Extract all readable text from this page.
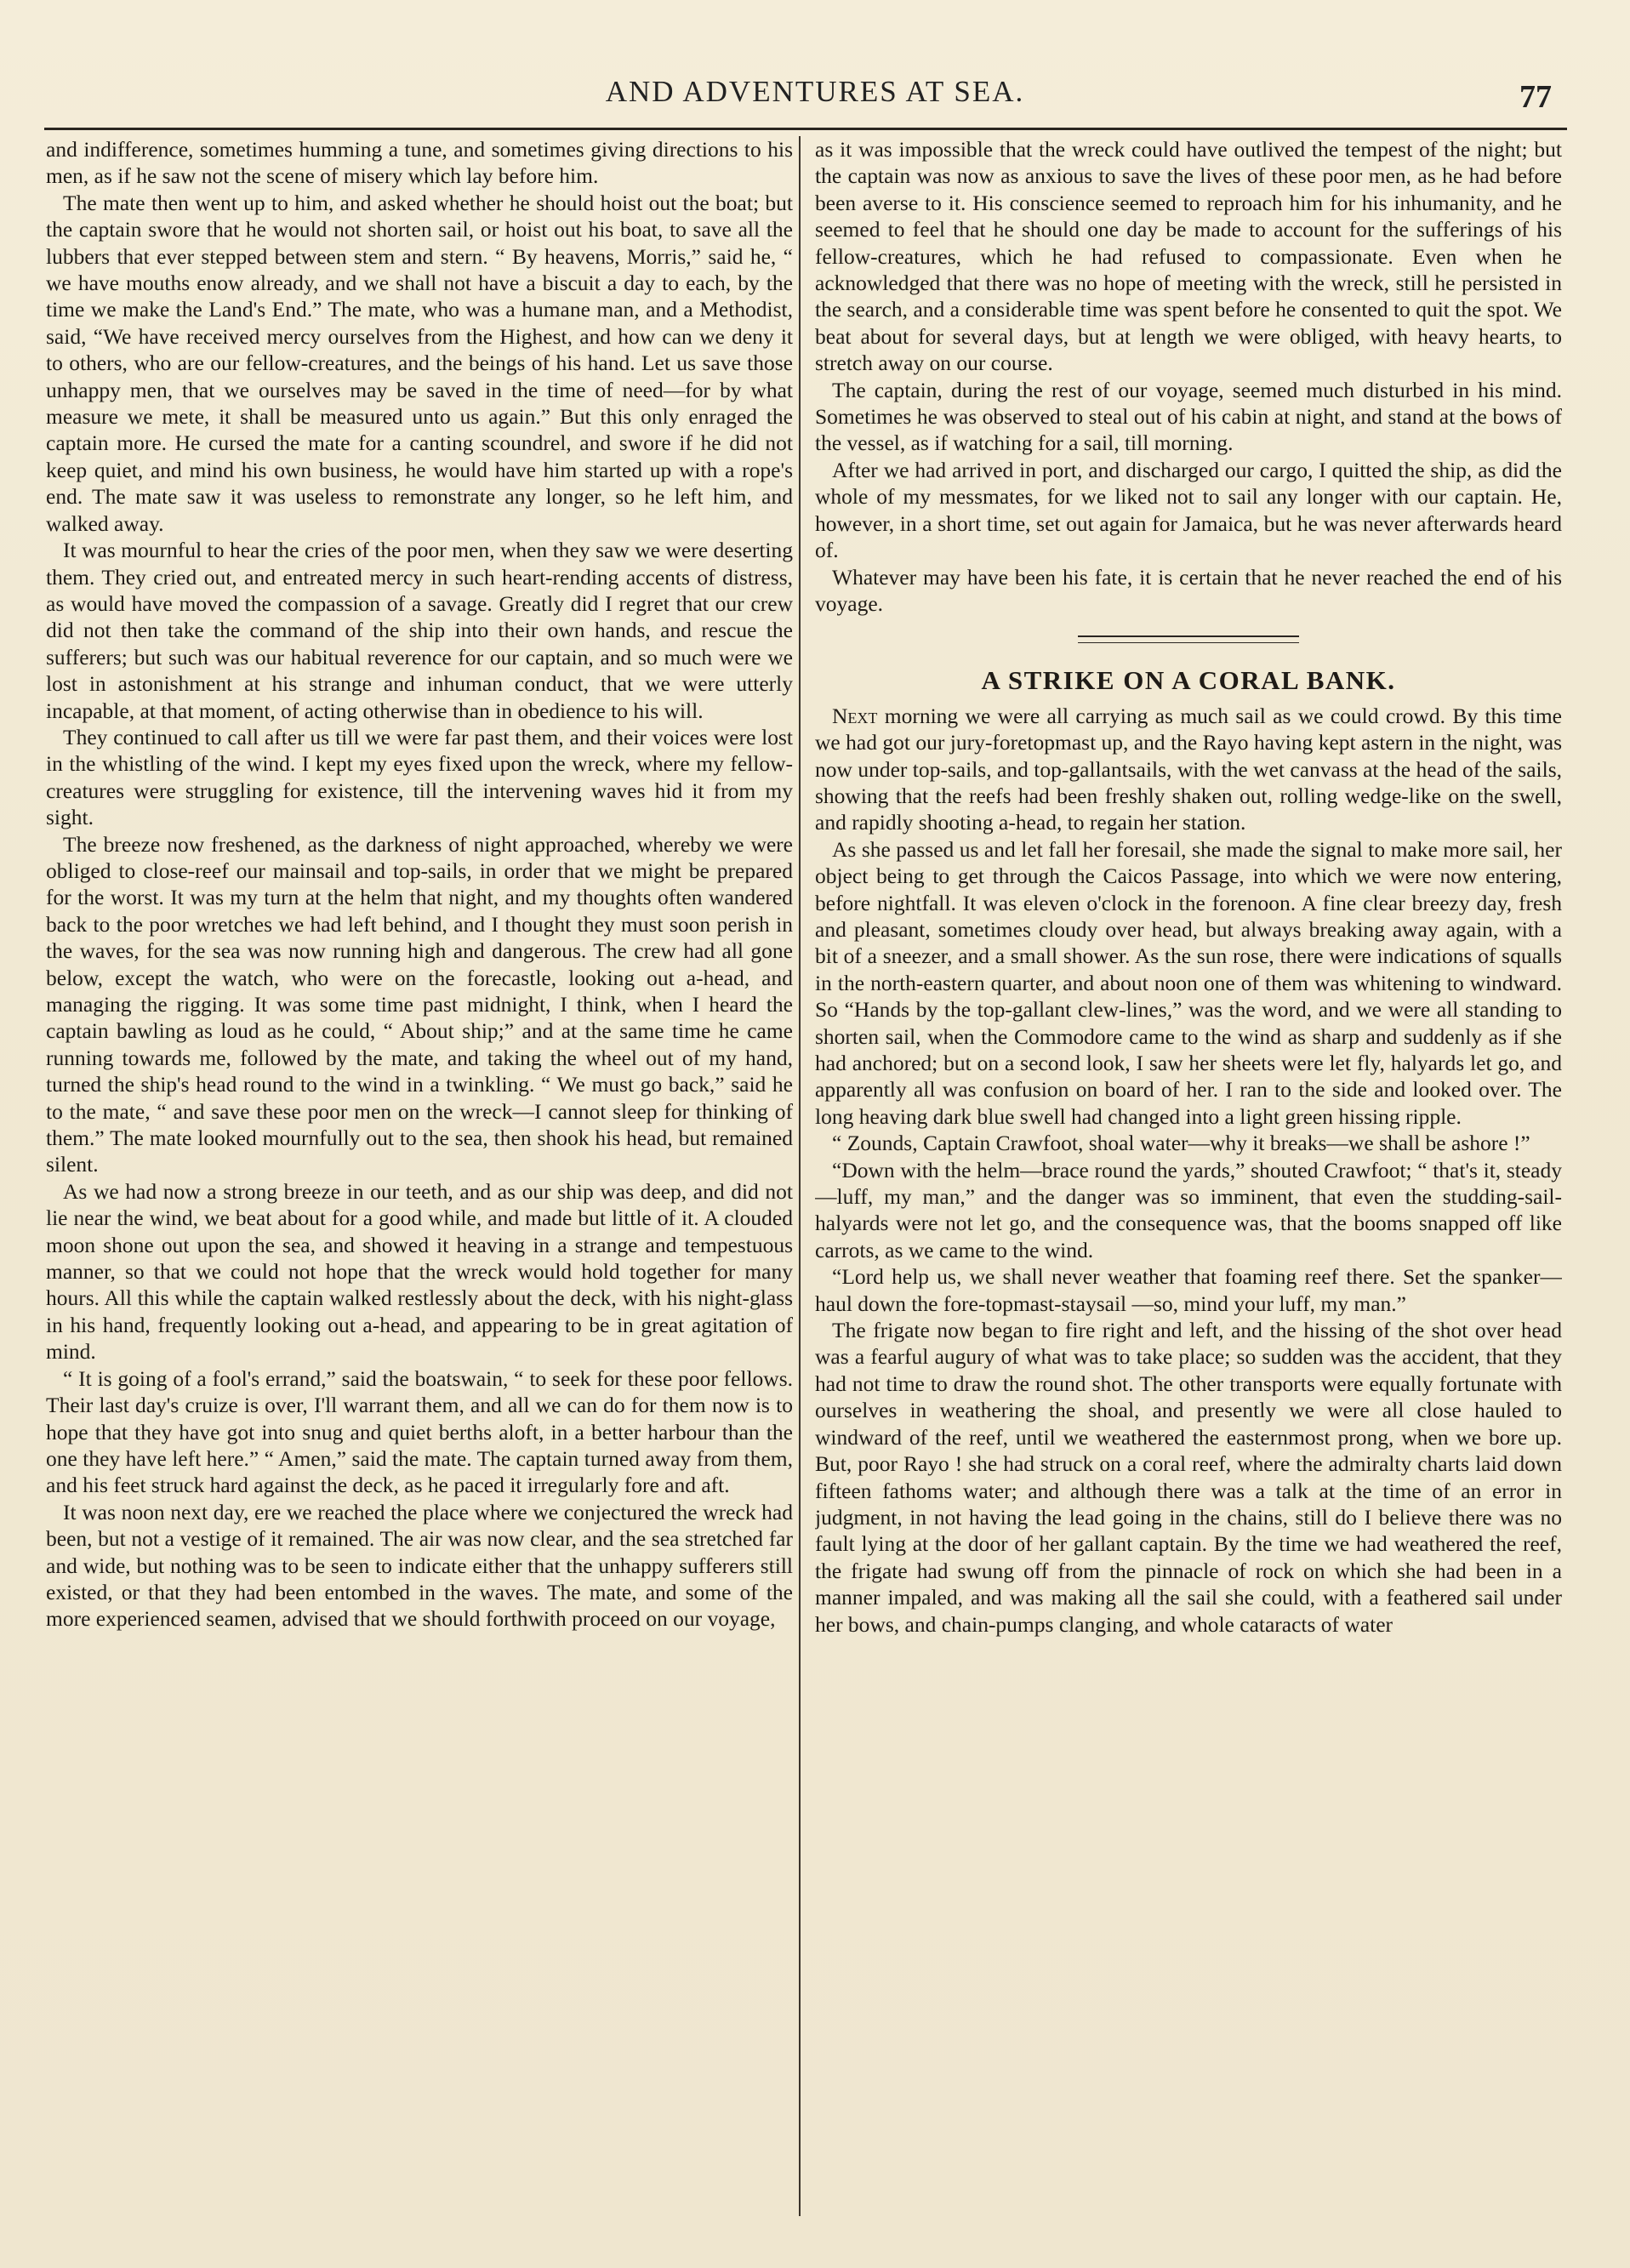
AND ADVENTURES AT SEA.	77

and indifference, sometimes humming a tune, and sometimes giving directions to his men, as if he saw not the scene of misery which lay before him.

The mate then went up to him, and asked whether he should hoist out the boat; but the captain swore that he would not shorten sail, or hoist out his boat, to save all the lubbers that ever stepped between stem and stern. “ By heavens, Morris,” said he, “ we have mouths enow already, and we shall not have a biscuit a day to each, by the time we make the Land's End.” The mate, who was a humane man, and a Methodist, said, “We have received mercy ourselves from the Highest, and how can we deny it to others, who are our fellow-creatures, and the beings of his hand. Let us save those unhappy men, that we ourselves may be saved in the time of need—for by what measure we mete, it shall be measured unto us again.” But this only enraged the captain more. He cursed the mate for a canting scoundrel, and swore if he did not keep quiet, and mind his own business, he would have him started up with a rope's end. The mate saw it was useless to remonstrate any longer, so he left him, and walked away.

It was mournful to hear the cries of the poor men, when they saw we were deserting them. They cried out, and entreated mercy in such heart-rending accents of distress, as would have moved the compassion of a savage. Greatly did I regret that our crew did not then take the command of the ship into their own hands, and rescue the sufferers; but such was our habitual reverence for our captain, and so much were we lost in astonishment at his strange and inhuman conduct, that we were utterly incapable, at that moment, of acting otherwise than in obedience to his will.

They continued to call after us till we were far past them, and their voices were lost in the whistling of the wind. I kept my eyes fixed upon the wreck, where my fellow-creatures were struggling for existence, till the intervening waves hid it from my sight.

The breeze now freshened, as the darkness of night approached, whereby we were obliged to close-reef our mainsail and top-sails, in order that we might be prepared for the worst. It was my turn at the helm that night, and my thoughts often wandered back to the poor wretches we had left behind, and I thought they must soon perish in the waves, for the sea was now running high and dangerous. The crew had all gone below, except the watch, who were on the forecastle, looking out a-head, and managing the rigging. It was some time past midnight, I think, when I heard the captain bawling as loud as he could, “ About ship;” and at the same time he came running towards me, followed by the mate, and taking the wheel out of my hand, turned the ship's head round to the wind in a twinkling. “ We must go back,” said he to the mate, “ and save these poor men on the wreck—I cannot sleep for thinking of them.” The mate looked mournfully out to the sea, then shook his head, but remained silent.

As we had now a strong breeze in our teeth, and as our ship was deep, and did not lie near the wind, we beat about for a good while, and made but little of it. A clouded moon shone out upon the sea, and showed it heaving in a strange and tempestuous manner, so that we could not hope that the wreck would hold together for many hours. All this while the captain walked restlessly about the deck, with his night-glass in his hand, frequently looking out a-head, and appearing to be in great agitation of mind.

“ It is going of a fool's errand,” said the boatswain, “ to seek for these poor fellows. Their last day's cruize is over, I'll warrant them, and all we can do for them now is to hope that they have got into snug and quiet berths aloft, in a better harbour than the one they have left here.” “ Amen,” said the mate. The captain turned away from them, and his feet struck hard against the deck, as he paced it irregularly fore and aft.

It was noon next day, ere we reached the place where we conjectured the wreck had been, but not a vestige of it remained. The air was now clear, and the sea stretched far and wide, but nothing was to be seen to indicate either that the unhappy sufferers still existed, or that they had been entombed in the waves. The mate, and some of the more experienced seamen, advised that we should forthwith proceed on our voyage,

as it was impossible that the wreck could have outlived the tempest of the night; but the captain was now as anxious to save the lives of these poor men, as he had before been averse to it. His conscience seemed to reproach him for his inhumanity, and he seemed to feel that he should one day be made to account for the sufferings of his fellow-creatures, which he had refused to compassionate. Even when he acknowledged that there was no hope of meeting with the wreck, still he persisted in the search, and a considerable time was spent before he consented to quit the spot. We beat about for several days, but at length we were obliged, with heavy hearts, to stretch away on our course.

The captain, during the rest of our voyage, seemed much disturbed in his mind. Sometimes he was observed to steal out of his cabin at night, and stand at the bows of the vessel, as if watching for a sail, till morning.

After we had arrived in port, and discharged our cargo, I quitted the ship, as did the whole of my messmates, for we liked not to sail any longer with our captain. He, however, in a short time, set out again for Jamaica, but he was never afterwards heard of.

Whatever may have been his fate, it is certain that he never reached the end of his voyage.

A STRIKE ON A CORAL BANK.

Next morning we were all carrying as much sail as we could crowd. By this time we had got our jury-foretopmast up, and the Rayo having kept astern in the night, was now under top-sails, and top-gallantsails, with the wet canvass at the head of the sails, showing that the reefs had been freshly shaken out, rolling wedge-like on the swell, and rapidly shooting a-head, to regain her station.

As she passed us and let fall her foresail, she made the signal to make more sail, her object being to get through the Caicos Passage, into which we were now entering, before nightfall. It was eleven o'clock in the forenoon. A fine clear breezy day, fresh and pleasant, sometimes cloudy over head, but always breaking away again, with a bit of a sneezer, and a small shower. As the sun rose, there were indications of squalls in the north-eastern quarter, and about noon one of them was whitening to windward. So “Hands by the top-gallant clew-lines,” was the word, and we were all standing to shorten sail, when the Commodore came to the wind as sharp and suddenly as if she had anchored; but on a second look, I saw her sheets were let fly, halyards let go, and apparently all was confusion on board of her. I ran to the side and looked over. The long heaving dark blue swell had changed into a light green hissing ripple.

“ Zounds, Captain Crawfoot, shoal water—why it breaks—we shall be ashore !”

“Down with the helm—brace round the yards,” shouted Crawfoot; “ that's it, steady—luff, my man,” and the danger was so imminent, that even the studding-sail-halyards were not let go, and the consequence was, that the booms snapped off like carrots, as we came to the wind.

“Lord help us, we shall never weather that foaming reef there. Set the spanker—haul down the fore-topmast-staysail —so, mind your luff, my man.”

The frigate now began to fire right and left, and the hissing of the shot over head was a fearful augury of what was to take place; so sudden was the accident, that they had not time to draw the round shot. The other transports were equally fortunate with ourselves in weathering the shoal, and presently we were all close hauled to windward of the reef, until we weathered the easternmost prong, when we bore up. But, poor Rayo ! she had struck on a coral reef, where the admiralty charts laid down fifteen fathoms water; and although there was a talk at the time of an error in judgment, in not having the lead going in the chains, still do I believe there was no fault lying at the door of her gallant captain. By the time we had weathered the reef, the frigate had swung off from the pinnacle of rock on which she had been in a manner impaled, and was making all the sail she could, with a feathered sail under her bows, and chain-pumps clanging, and whole cataracts of water
